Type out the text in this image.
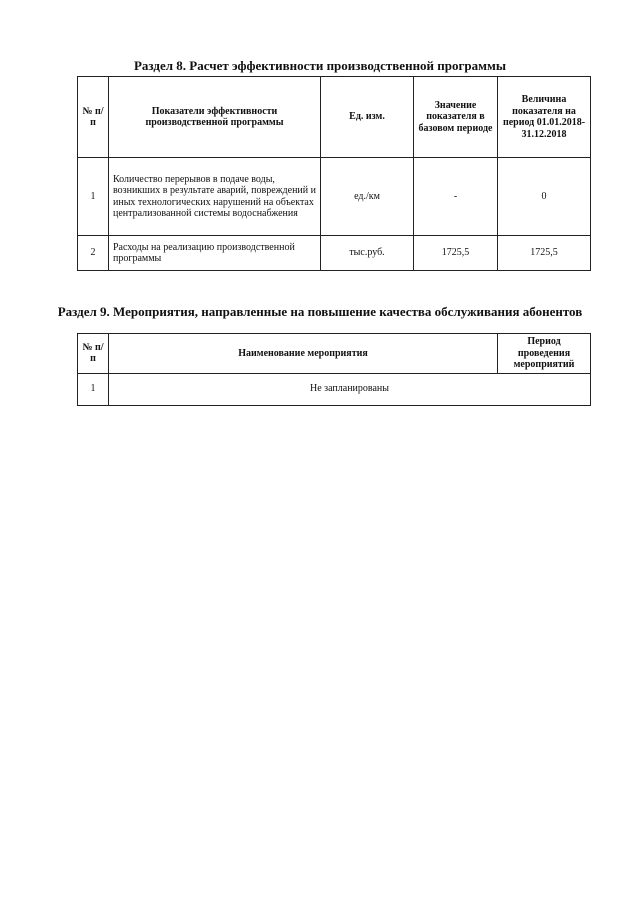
Раздел 8. Расчет эффективности производственной программы
№ п/п	Показатели эффективности производственной программы	Ед. изм.	Значение показателя в базовом периоде	Величина показателя на период 01.01.2018-31.12.2018
1	Количество перерывов в подаче воды, возникших в результате аварий, повреждений и иных технологических нарушений на объектах централизованной системы водоснабжения	ед./км	-	0
2	Расходы на реализацию производственной программы	тыс.руб.	1725,5	1725,5
Раздел 9. Мероприятия, направленные на повышение качества обслуживания абонентов
№ п/п	Наименование мероприятия	Период проведения мероприятий
1	Не запланированы	
